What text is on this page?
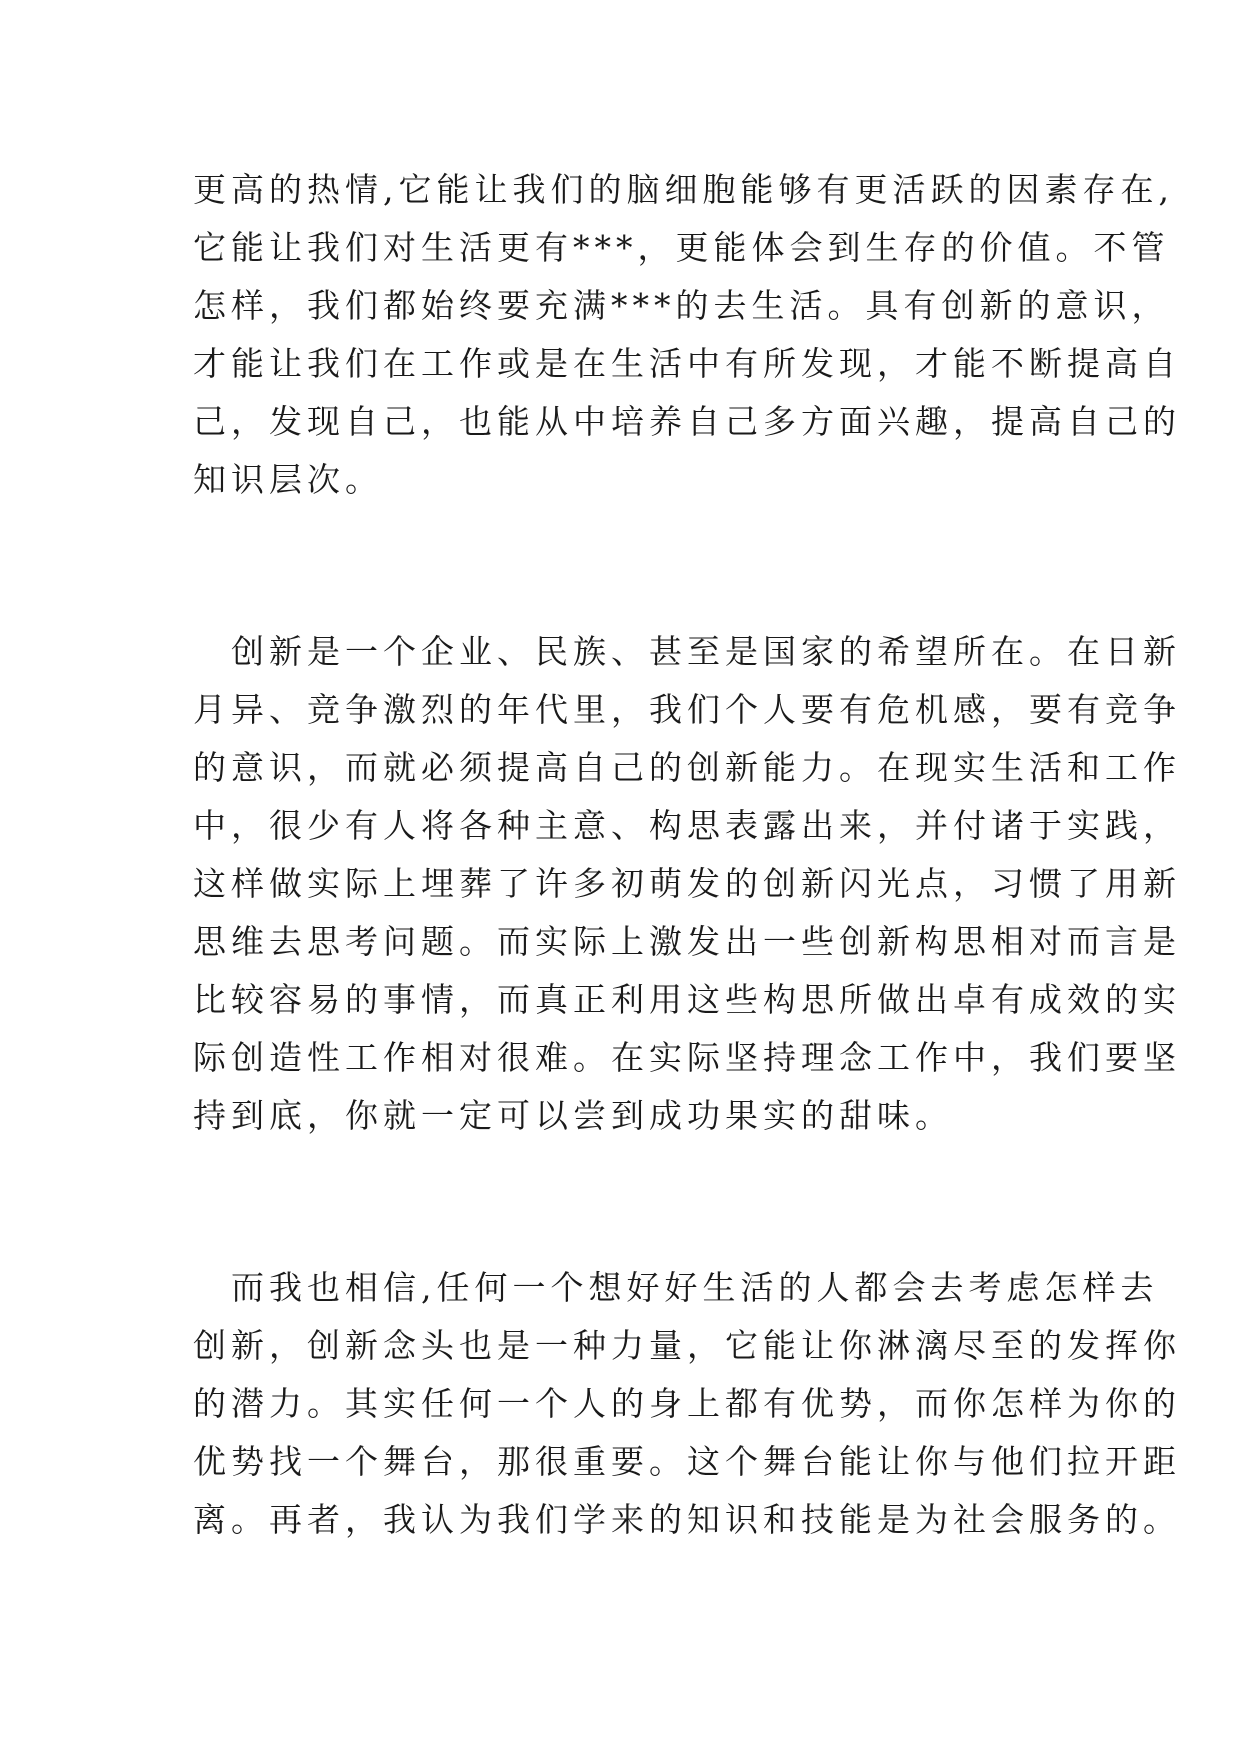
更高的热情,它能让我们的脑细胞能够有更活跃的因素存在,
它能让我们对生活更有***，更能体会到生存的价值。不管
怎样，我们都始终要充满***的去生活。具有创新的意识，
才能让我们在工作或是在生活中有所发现，才能不断提高自
己，发现自己，也能从中培养自己多方面兴趣，提高自己的
知识层次。
创新是一个企业、民族、甚至是国家的希望所在。在日新
月异、竞争激烈的年代里，我们个人要有危机感，要有竞争
的意识，而就必须提高自己的创新能力。在现实生活和工作
中，很少有人将各种主意、构思表露出来，并付诸于实践，
这样做实际上埋葬了许多初萌发的创新闪光点，习惯了用新
思维去思考问题。而实际上激发出一些创新构思相对而言是
比较容易的事情，而真正利用这些构思所做出卓有成效的实
际创造性工作相对很难。在实际坚持理念工作中，我们要坚
持到底，你就一定可以尝到成功果实的甜味。
而我也相信,任何一个想好好生活的人都会去考虑怎样去
创新，创新念头也是一种力量，它能让你淋漓尽至的发挥你
的潜力。其实任何一个人的身上都有优势，而你怎样为你的
优势找一个舞台，那很重要。这个舞台能让你与他们拉开距
离。再者，我认为我们学来的知识和技能是为社会服务的。
